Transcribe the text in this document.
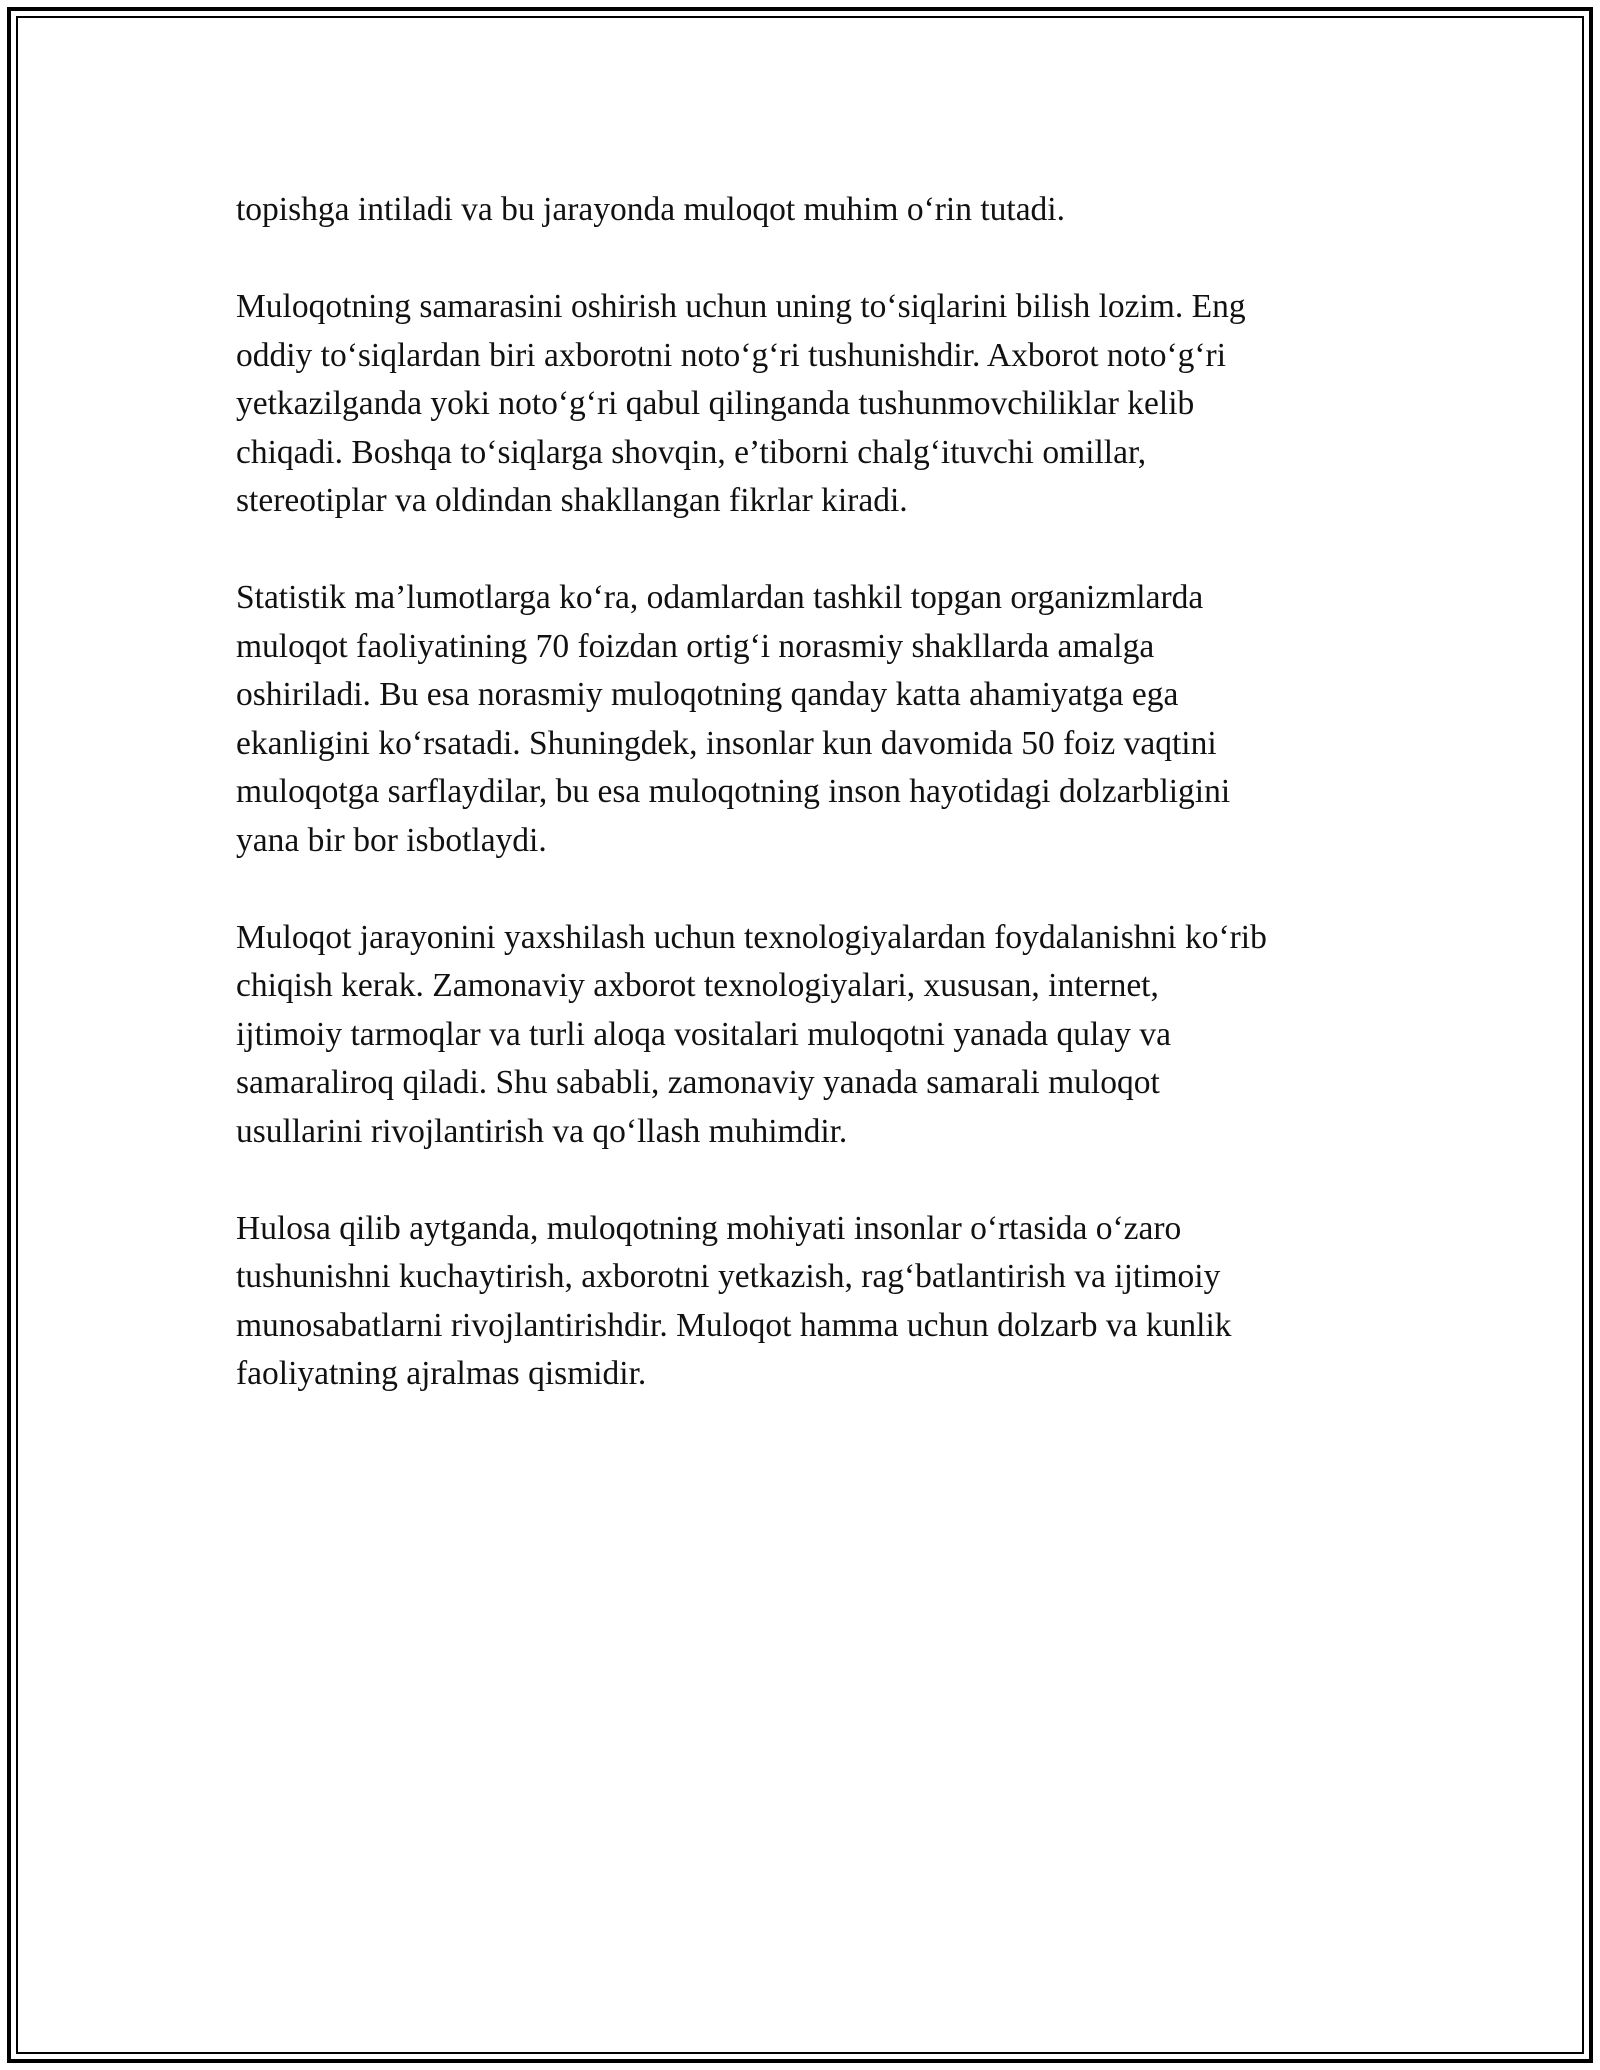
topishga intiladi va bu jarayonda muloqot muhim o‘rin tutadi.

Muloqotning samarasini oshirish uchun uning to‘siqlarini bilish lozim. Eng
oddiy to‘siqlardan biri axborotni noto‘g‘ri tushunishdir. Axborot noto‘g‘ri
yetkazilganda yoki noto‘g‘ri qabul qilinganda tushunmovchiliklar kelib
chiqadi. Boshqa to‘siqlarga shovqin, e’tiborni chalg‘ituvchi omillar,
stereotiplar va oldindan shakllangan fikrlar kiradi.

Statistik ma’lumotlarga ko‘ra, odamlardan tashkil topgan organizmlarda
muloqot faoliyatining 70 foizdan ortig‘i norasmiy shakllarda amalga
oshiriladi. Bu esa norasmiy muloqotning qanday katta ahamiyatga ega
ekanligini ko‘rsatadi. Shuningdek, insonlar kun davomida 50 foiz vaqtini
muloqotga sarflaydilar, bu esa muloqotning inson hayotidagi dolzarbligini
yana bir bor isbotlaydi.

Muloqot jarayonini yaxshilash uchun texnologiyalardan foydalanishni ko‘rib
chiqish kerak. Zamonaviy axborot texnologiyalari, xususan, internet,
ijtimoiy tarmoqlar va turli aloqa vositalari muloqotni yanada qulay va
samaraliroq qiladi. Shu sababli, zamonaviy yanada samarali muloqot
usullarini rivojlantirish va qo‘llash muhimdir.

Hulosa qilib aytganda, muloqotning mohiyati insonlar o‘rtasida o‘zaro
tushunishni kuchaytirish, axborotni yetkazish, rag‘batlantirish va ijtimoiy
munosabatlarni rivojlantirishdir. Muloqot hamma uchun dolzarb va kunlik
faoliyatning ajralmas qismidir.
